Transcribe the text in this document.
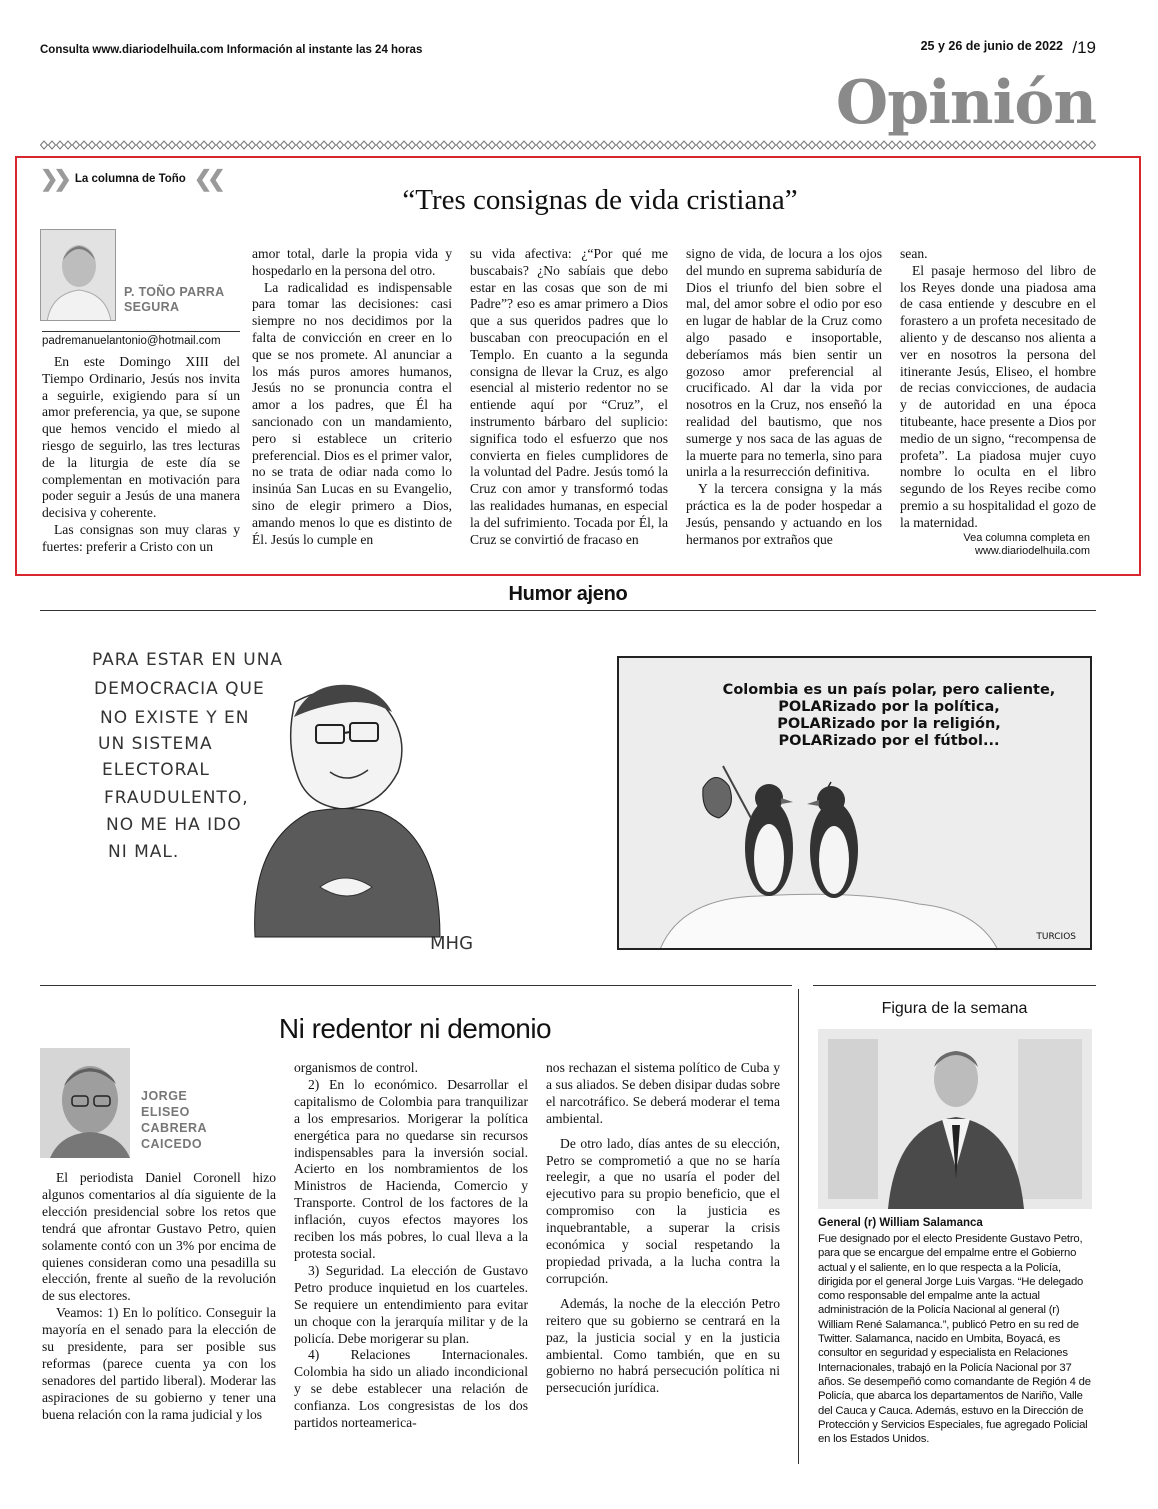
Consulta www.diariodelhuila.com Información al instante las 24 horas	25 y 26 de junio de 2022 /19
Opinión
❯❯ La columna de Toño ❮❮
“Tres consignas de vida cristiana”
P. TOÑO PARRA
SEGURA
padremanuelantonio@hotmail.com

En este Domingo XIII del Tiempo Ordinario, Jesús nos invita a seguirle, exigiendo para sí un amor preferencia, ya que, se supone que hemos vencido el miedo al riesgo de seguirlo, las tres lecturas de la liturgia de este día se complementan en motivación para poder seguir a Jesús de una manera decisiva y coherente.

Las consignas son muy claras y fuertes: preferir a Cristo con un

amor total, darle la propia vida y hospedarlo en la persona del otro.

La radicalidad es indispensable para tomar las decisiones: casi siempre no nos decidimos por la falta de convicción en creer en lo que se nos promete. Al anunciar a los más puros amores humanos, Jesús no se pronuncia contra el amor a los padres, que Él ha sancionado con un mandamiento, pero si establece un criterio preferencial. Dios es el primer valor, no se trata de odiar nada como lo insinúa San Lucas en su Evangelio, sino de elegir primero a Dios, amando menos lo que es distinto de Él. Jesús lo cumple en

su vida afectiva: ¿“Por qué me buscabais? ¿No sabíais que debo estar en las cosas que son de mi Padre”? eso es amar primero a Dios que a sus queridos padres que lo buscaban con preocupación en el Templo. En cuanto a la segunda consigna de llevar la Cruz, es algo esencial al misterio redentor no se entiende aquí por “Cruz”, el instrumento bárbaro del suplicio: significa todo el esfuerzo que nos convierta en fieles cumplidores de la voluntad del Padre. Jesús tomó la Cruz con amor y transformó todas las realidades humanas, en especial la del sufrimiento. Tocada por Él, la Cruz se convirtió de fracaso en

signo de vida, de locura a los ojos del mundo en suprema sabiduría de Dios el triunfo del bien sobre el mal, del amor sobre el odio por eso en lugar de hablar de la Cruz como algo pasado e insoportable, deberíamos más bien sentir un gozoso amor preferencial al crucificado. Al dar la vida por nosotros en la Cruz, nos enseñó la realidad del bautismo, que nos sumerge y nos saca de las aguas de la muerte para no temerla, sino para unirla a la resurrección definitiva.

Y la tercera consigna y la más práctica es la de poder hospedar a Jesús, pensando y actuando en los hermanos por extraños que

sean.

El pasaje hermoso del libro de los Reyes donde una piadosa ama de casa entiende y descubre en el forastero a un profeta necesitado de aliento y de descanso nos alienta a ver en nosotros la persona del itinerante Jesús, Eliseo, el hombre de recias convicciones, de audacia y de autoridad en una época titubeante, hace presente a Dios por medio de un signo, “recompensa de profeta”. La piadosa mujer cuyo nombre lo oculta en el libro segundo de los Reyes recibe como premio a su hospitalidad el gozo de la maternidad.

Vea columna completa en
www.diariodelhuila.com
Humor ajeno
PARA ESTAR EN UNA
DEMOCRACIA QUE
NO EXISTE Y EN
UN SISTEMA
ELECTORAL
FRAUDULENTO,
NO ME HA IDO
NI MAL.
MHG
Colombia es un país polar, pero caliente,
POLARizado por la política,
POLARizado por la religión,
POLARizado por el fútbol...
TURCIOS
Ni redentor ni demonio
JORGE
ELISEO
CABRERA
CAICEDO

El periodista Daniel Coronell hizo algunos comentarios al día siguiente de la elección presidencial sobre los retos que tendrá que afrontar Gustavo Petro, quien solamente contó con un 3% por encima de quienes consideran como una pesadilla su elección, frente al sueño de la revolución de sus electores.

Veamos: 1) En lo político. Conseguir la mayoría en el senado para la elección de su presidente, para ser posible sus reformas (parece cuenta ya con los senadores del partido liberal). Moderar las aspiraciones de su gobierno y tener una buena relación con la rama judicial y los

organismos de control.

2) En lo económico. Desarrollar el capitalismo de Colombia para tranquilizar a los empresarios. Morigerar la política energética para no quedarse sin recursos indispensables para la inversión social. Acierto en los nombramientos de los Ministros de Hacienda, Comercio y Transporte. Control de los factores de la inflación, cuyos efectos mayores los reciben los más pobres, lo cual lleva a la protesta social.

3) Seguridad. La elección de Gustavo Petro produce inquietud en los cuarteles. Se requiere un entendimiento para evitar un choque con la jerarquía militar y de la policía. Debe morigerar su plan.

4) Relaciones Internacionales. Colombia ha sido un aliado incondicional y se debe establecer una relación de confianza. Los congresistas de los dos partidos norteamerica-

nos rechazan el sistema político de Cuba y a sus aliados. Se deben disipar dudas sobre el narcotráfico. Se deberá moderar el tema ambiental.

De otro lado, días antes de su elección, Petro se comprometió a que no se haría reelegir, a que no usaría el poder del ejecutivo para su propio beneficio, que el compromiso con la justicia es inquebrantable, a superar la crisis económica y social respetando la propiedad privada, a la lucha contra la corrupción.

Además, la noche de la elección Petro reitero que su gobierno se centrará en la paz, la justicia social y en la justicia ambiental. Como también, que en su gobierno no habrá persecución política ni persecución jurídica.

Figura de la semana
General (r) William Salamanca
Fue designado por el electo Presidente Gustavo Petro, para que se encargue del empalme entre el Gobierno actual y el saliente, en lo que respecta a la Policía, dirigida por el general Jorge Luis Vargas. “He delegado como responsable del empalme ante la actual administración de la Policía Nacional al general (r) William René Salamanca.”, publicó Petro en su red de Twitter. Salamanca, nacido en Umbita, Boyacá, es consultor en seguridad y especialista en Relaciones Internacionales, trabajó en la Policía Nacional por 37 años. Se desempeñó como comandante de Región 4 de Policía, que abarca los departamentos de Nariño, Valle del Cauca y Cauca. Además, estuvo en la Dirección de Protección y Servicios Especiales, fue agregado Policial en los Estados Unidos.
